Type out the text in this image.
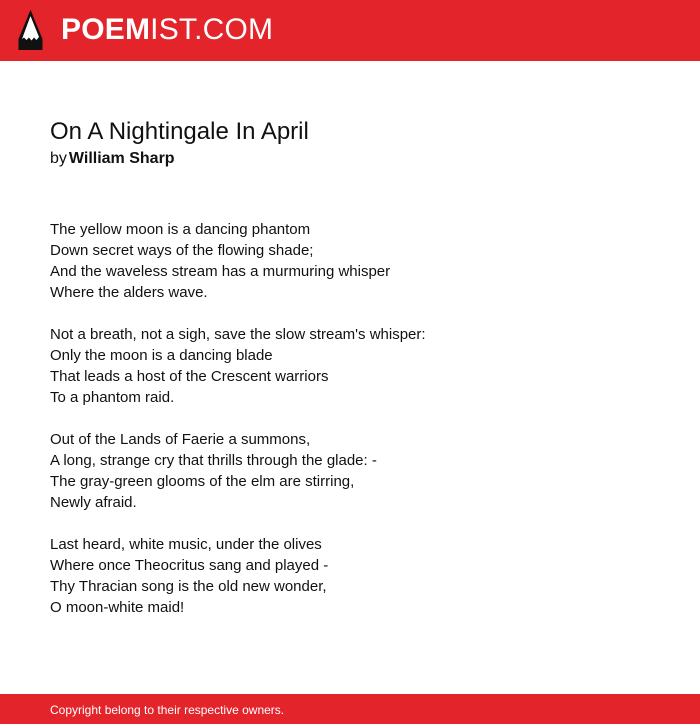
POEMIST.COM
On A Nightingale In April
by William Sharp
The yellow moon is a dancing phantom
Down secret ways of the flowing shade;
And the waveless stream has a murmuring whisper
Where the alders wave.
Not a breath, not a sigh, save the slow stream's whisper:
Only the moon is a dancing blade
That leads a host of the Crescent warriors
To a phantom raid.
Out of the Lands of Faerie a summons,
A long, strange cry that thrills through the glade: -
The gray-green glooms of the elm are stirring,
Newly afraid.
Last heard, white music, under the olives
Where once Theocritus sang and played -
Thy Thracian song is the old new wonder,
O moon-white maid!
Copyright belong to their respective owners.
